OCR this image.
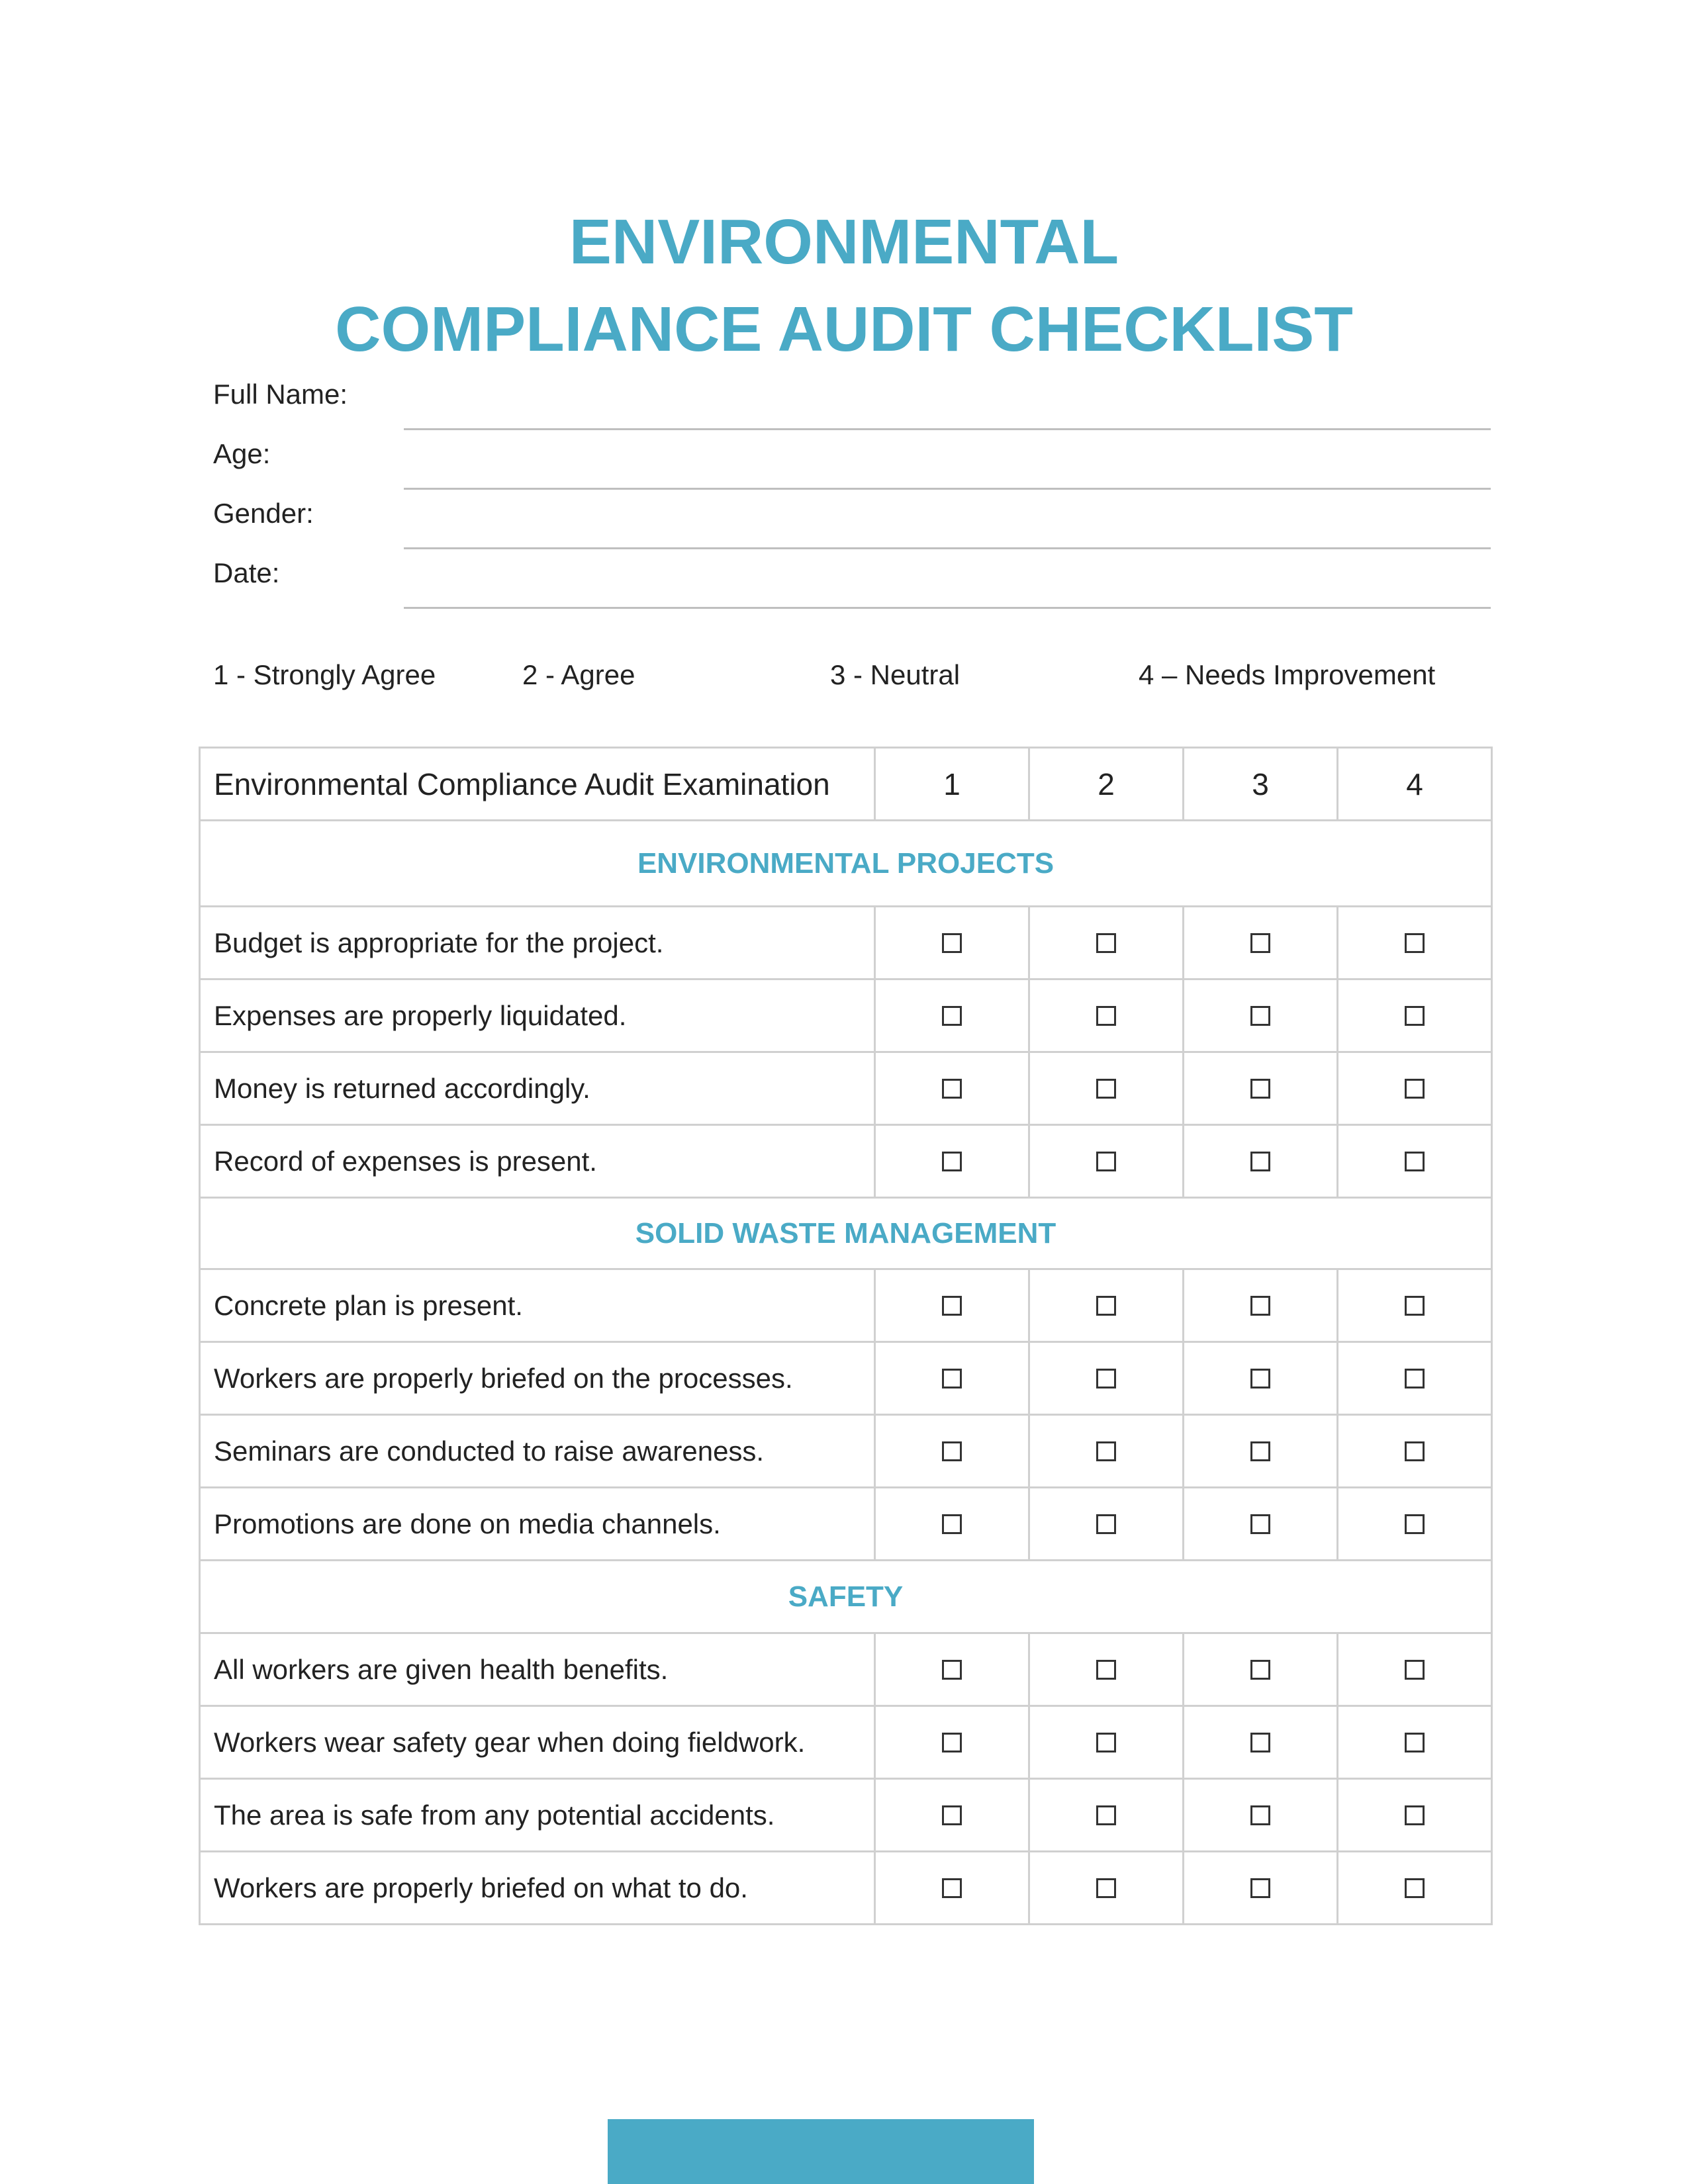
ENVIRONMENTAL
COMPLIANCE AUDIT CHECKLIST
Full Name:
Age:
Gender:
Date:
1 - Strongly Agree	2 - Agree	3 - Neutral	4 – Needs Improvement
Environmental Compliance Audit Examination	1	2	3	4
ENVIRONMENTAL PROJECTS				
Budget is appropriate for the project.				
Expenses are properly liquidated.				
Money is returned accordingly.				
Record of expenses is present.				
SOLID WASTE MANAGEMENT				
Concrete plan is present.				
Workers are properly briefed on the processes.				
Seminars are conducted to raise awareness.				
Promotions are done on media channels.				
SAFETY				
All workers are given health benefits.				
Workers wear safety gear when doing fieldwork.				
The area is safe from any potential accidents.				
Workers are properly briefed on what to do.				
